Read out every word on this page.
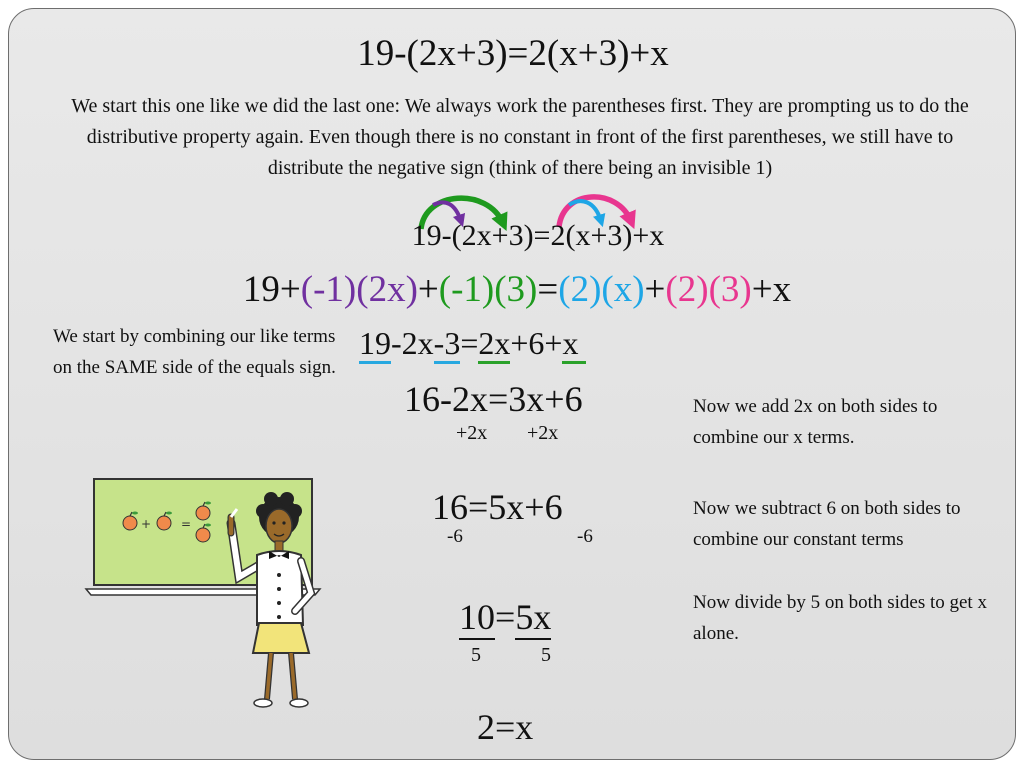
19-(2x+3)=2(x+3)+x
We start this one like we did the last one: We always work the parentheses first. They are prompting us to do the distributive property again. Even though there is no constant in front of the first parentheses, we still have to distribute the negative sign (think of there being an invisible 1)
19-(2x+3)=2(x+3)+x
19+(-1)(2x)+(-1)(3)=(2)(x)+(2)(3)+x
We start by combining our like terms on the SAME side of the equals sign.
19-2x-3=2x+6+x
16-2x=3x+6
+2x +2x
Now we add 2x on both sides to combine our x terms.
16=5x+6
-6	-6
Now we subtract 6 on both sides to combine our constant terms
10=5x
5	5
Now divide by 5 on both sides to get x alone.
2=x
+ =
